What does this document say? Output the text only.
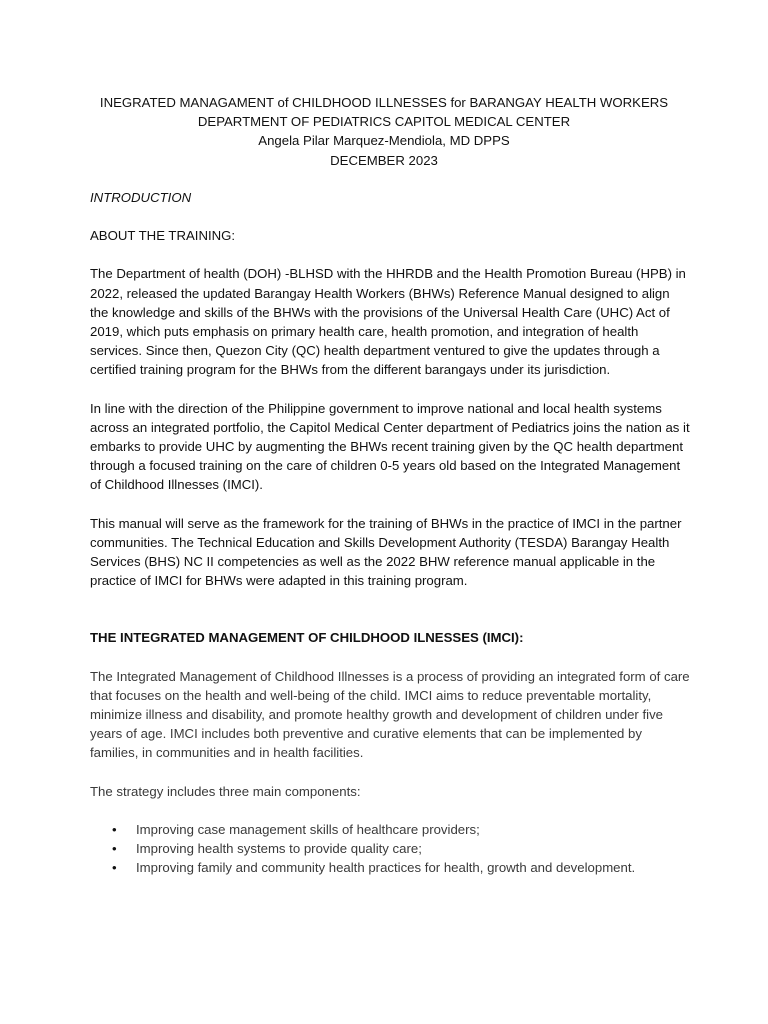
INEGRATED MANAGAMENT of CHILDHOOD ILLNESSES for BARANGAY HEALTH WORKERS
DEPARTMENT OF PEDIATRICS CAPITOL MEDICAL CENTER
Angela Pilar Marquez-Mendiola, MD DPPS
DECEMBER 2023

INTRODUCTION

ABOUT THE TRAINING:

The Department of health (DOH) -BLHSD with the HHRDB and the Health Promotion Bureau (HPB) in 2022, released the updated Barangay Health Workers (BHWs) Reference Manual designed to align the knowledge and skills of the BHWs with the provisions of the Universal Health Care (UHC) Act of 2019, which puts emphasis on primary health care, health promotion, and integration of health services. Since then, Quezon City (QC) health department ventured to give the updates through a certified training program for the BHWs from the different barangays under its jurisdiction.

In line with the direction of the Philippine government to improve national and local health systems across an integrated portfolio, the Capitol Medical Center department of Pediatrics joins the nation as it embarks to provide UHC by augmenting the BHWs recent training given by the QC health department through a focused training on the care of children 0-5 years old based on the Integrated Management of Childhood Illnesses (IMCI).

This manual will serve as the framework for the training of BHWs in the practice of IMCI in the partner communities. The Technical Education and Skills Development Authority (TESDA) Barangay Health Services (BHS) NC II competencies as well as the 2022 BHW reference manual applicable in the practice of IMCI for BHWs were adapted in this training program.

THE INTEGRATED MANAGEMENT OF CHILDHOOD ILNESSES (IMCI):

The Integrated Management of Childhood Illnesses is a process of providing an integrated form of care that focuses on the health and well-being of the child. IMCI aims to reduce preventable mortality, minimize illness and disability, and promote healthy growth and development of children under five years of age. IMCI includes both preventive and curative elements that can be implemented by families, in communities and in health facilities.

The strategy includes three main components:

• Improving case management skills of healthcare providers;
• Improving health systems to provide quality care;
• Improving family and community health practices for health, growth and development.
